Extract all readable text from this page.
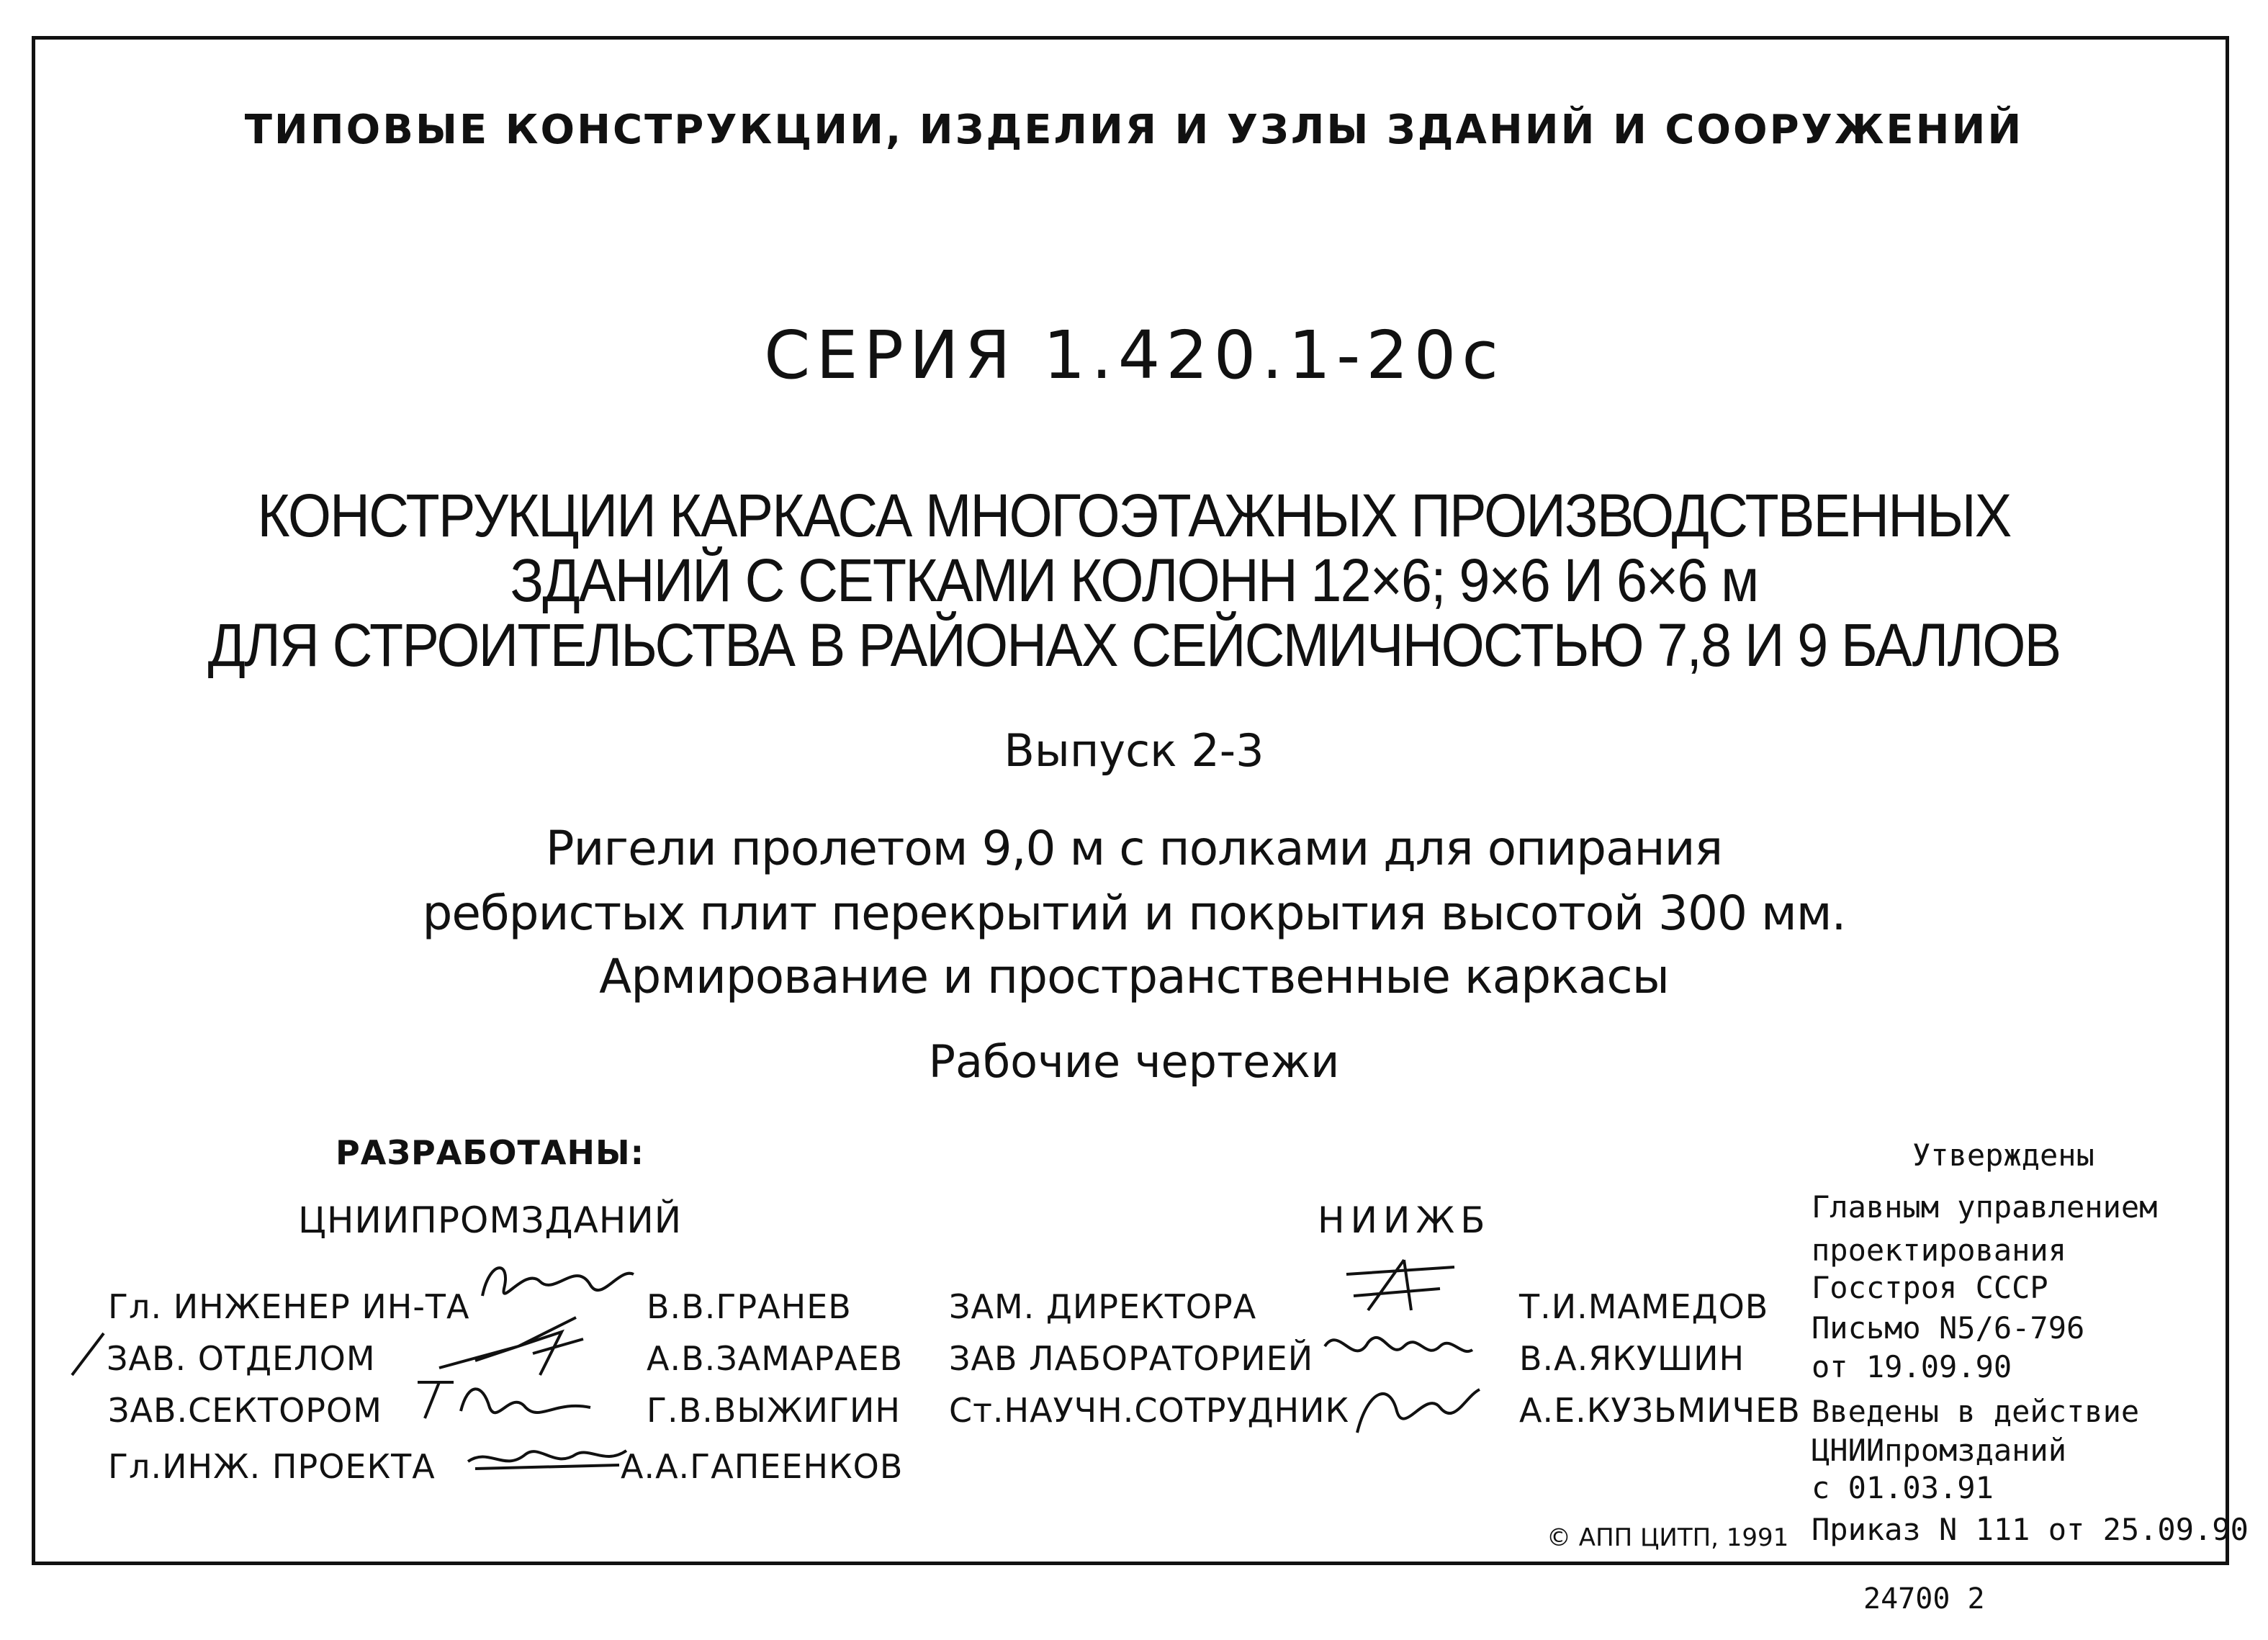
ТИПОВЫЕ КОНСТРУКЦИИ, ИЗДЕЛИЯ И УЗЛЫ ЗДАНИЙ И СООРУЖЕНИЙ
СЕРИЯ 1.420.1-20с
КОНСТРУКЦИИ КАРКАСА МНОГОЭТАЖНЫХ ПРОИЗВОДСТВЕННЫХ
ЗДАНИЙ С СЕТКАМИ КОЛОНН 12×6; 9×6 И 6×6 м
ДЛЯ СТРОИТЕЛЬСТВА В РАЙОНАХ СЕЙСМИЧНОСТЬЮ 7,8 И 9 БАЛЛОВ
Выпуск 2-3
Ригели пролетом 9,0 м с полками для опирания
ребристых плит перекрытий и покрытия высотой 300 мм.
Армирование и пространственные каркасы
Рабочие чертежи
РАЗРАБОТАНЫ:
ЦНИИПРОМЗДАНИЙ	НИИЖБ
Гл. ИНЖЕНЕР ИН-ТА
ЗАВ. ОТДЕЛОМ
ЗАВ.СЕКТОРОМ
Гл.ИНЖ. ПРОЕКТА
В.В.ГРАНЕВ
А.В.ЗАМАРАЕВ
Г.В.ВЫЖИГИН
А.А.ГАПЕЕНКОВ
ЗАМ. ДИРЕКТОРА
ЗАВ ЛАБОРАТОРИЕЙ
Ст.НАУЧН.СОТРУДНИК
Т.И.МАМЕДОВ
В.А.ЯКУШИН
А.Е.КУЗЬМИЧЕВ
Утверждены
Главным управлением
проектирования
Госстроя СССР
Письмо N5/6-796
от 19.09.90
Введены в действие
ЦНИИпромзданий
с 01.03.91
Приказ N 111 от 25.09.90
© АПП ЦИТП, 1991
24700 2
